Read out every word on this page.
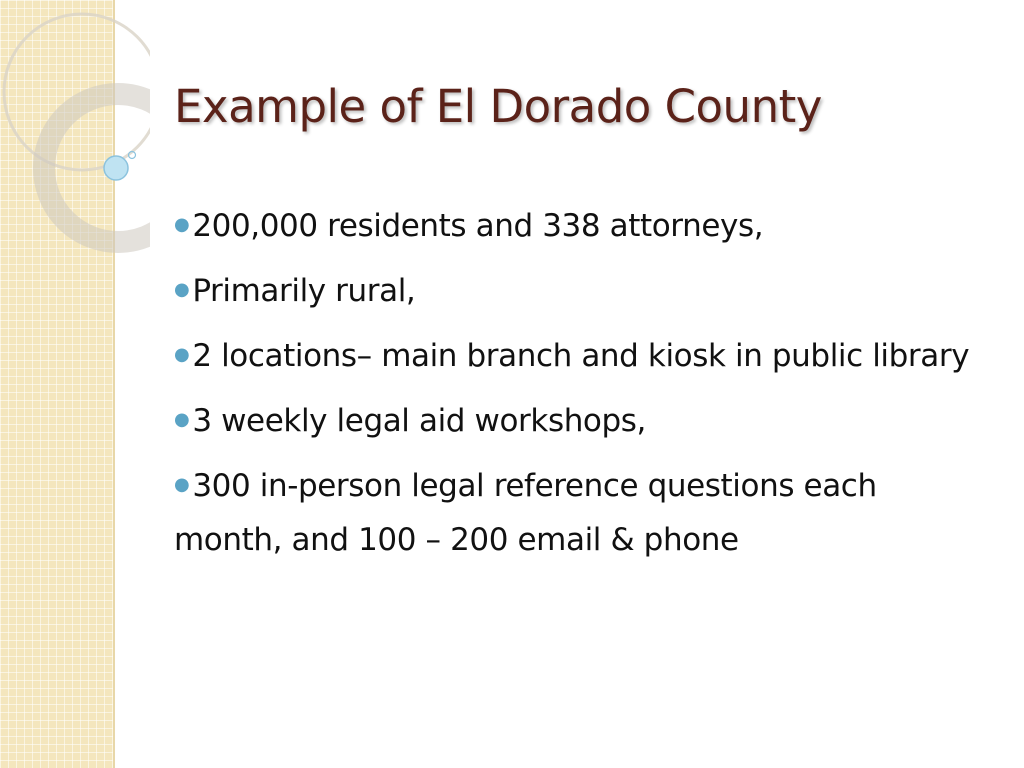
Example of El Dorado County
●200,000 residents and 338 attorneys,
●Primarily rural,
●2 locations– main branch and kiosk in public library
●3 weekly legal aid workshops,
●300 in-person legal reference questions each month, and 100 – 200 email & phone
